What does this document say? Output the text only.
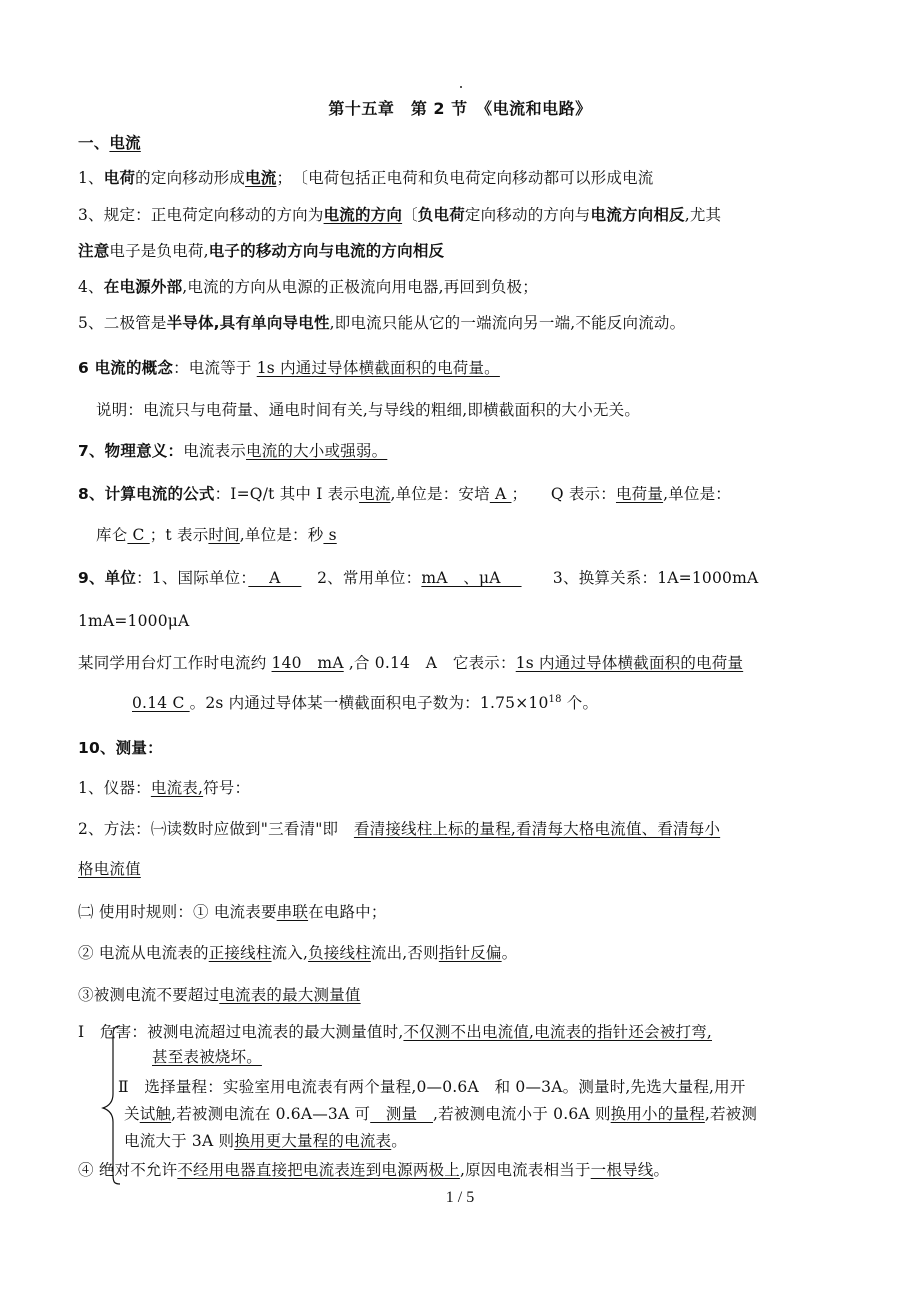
第十五章　第 2 节　《电流和电路》
一、电流
1、电荷的定向移动形成电流；　〔电荷包括正电荷和负电荷定向移动都可以形成电流
3、规定：正电荷定向移动的方向为电流的方向〔负电荷定向移动的方向与电流方向相反,尤其
注意电子是负电荷,电子的移动方向与电流的方向相反
4、在电源外部,电流的方向从电源的正极流向用电器,再回到负极；
5、二极管是半导体,具有单向导电性,即电流只能从它的一端流向另一端,不能反向流动。
6 电流的概念：电流等于 1s 内通过导体横截面积的电荷量。
说明：电流只与电荷量、通电时间有关,与导线的粗细,即横截面积的大小无关。
7、物理意义：电流表示电流的大小或强弱。
8、计算电流的公式：I=Q/t 其中 I 表示电流,单位是：安培 A ；　　Q 表示：电荷量,单位是：
库仑 C ；t 表示时间,单位是：秒 s
9、单位：1、国际单位：　 A　 　2、常用单位：mA　、μA　 　　3、换算关系：1A=1000mA
1mA=1000μA
某同学用台灯工作时电流约 140　mA ,合 0.14　A　它表示：1s 内通过导体横截面积的电荷量
0.14 C 。2s 内通过导体某一横截面积电子数为：$1.75\times 10^{18}$ 个。
10、测量：
1、仪器：电流表,符号：
2、方法：㈠读数时应做到"三看清"即　看清接线柱上标的量程,看清每大格电流值、看清每小
格电流值
㈡ 使用时规则：① 电流表要串联在电路中；
② 电流从电流表的正接线柱流入,负接线柱流出,否则指针反偏。
③被测电流不要超过电流表的最大测量值
Ⅰ　危害：被测电流超过电流表的最大测量值时,不仅测不出电流值,电流表的指针还会被打弯,
甚至表被烧坏。
Ⅱ　选择量程：实验室用电流表有两个量程,0—0.6A　和 0—3A。测量时,先选大量程,用开
关试触,若被测电流在 0.6A—3A 可　测量　,若被测电流小于 0.6A 则换用小的量程,若被测
电流大于 3A 则换用更大量程的电流表。
④ 绝对不允许不经用电器直接把电流表连到电源两极上,原因电流表相当于一根导线。
1 / 5
